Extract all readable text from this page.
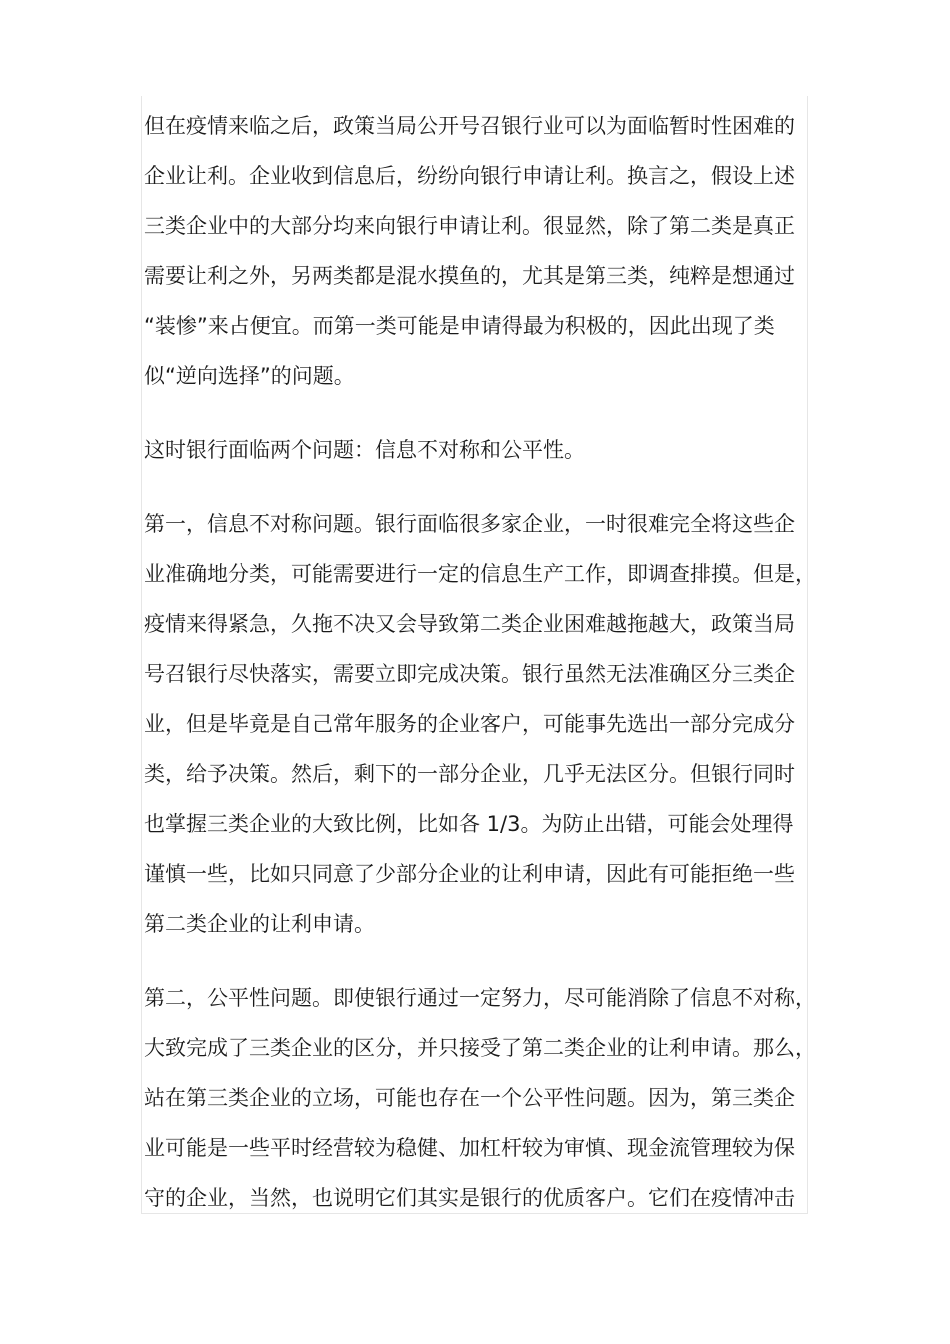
但在疫情来临之后，政策当局公开号召银行业可以为面临暂时性困难的
企业让利。企业收到信息后，纷纷向银行申请让利。换言之，假设上述
三类企业中的大部分均来向银行申请让利。很显然，除了第二类是真正
需要让利之外，另两类都是混水摸鱼的，尤其是第三类，纯粹是想通过
“装惨”来占便宜。而第一类可能是申请得最为积极的，因此出现了类
似“逆向选择”的问题。
这时银行面临两个问题：信息不对称和公平性。
第一，信息不对称问题。银行面临很多家企业，一时很难完全将这些企
业准确地分类，可能需要进行一定的信息生产工作，即调查排摸。但是，
疫情来得紧急，久拖不决又会导致第二类企业困难越拖越大，政策当局
号召银行尽快落实，需要立即完成决策。银行虽然无法准确区分三类企
业，但是毕竟是自己常年服务的企业客户，可能事先选出一部分完成分
类，给予决策。然后，剩下的一部分企业，几乎无法区分。但银行同时
也掌握三类企业的大致比例，比如各 1/3。为防止出错，可能会处理得
谨慎一些，比如只同意了少部分企业的让利申请，因此有可能拒绝一些
第二类企业的让利申请。
第二，公平性问题。即使银行通过一定努力，尽可能消除了信息不对称，
大致完成了三类企业的区分，并只接受了第二类企业的让利申请。那么，
站在第三类企业的立场，可能也存在一个公平性问题。因为，第三类企
业可能是一些平时经营较为稳健、加杠杆较为审慎、现金流管理较为保
守的企业，当然，也说明它们其实是银行的优质客户。它们在疫情冲击
